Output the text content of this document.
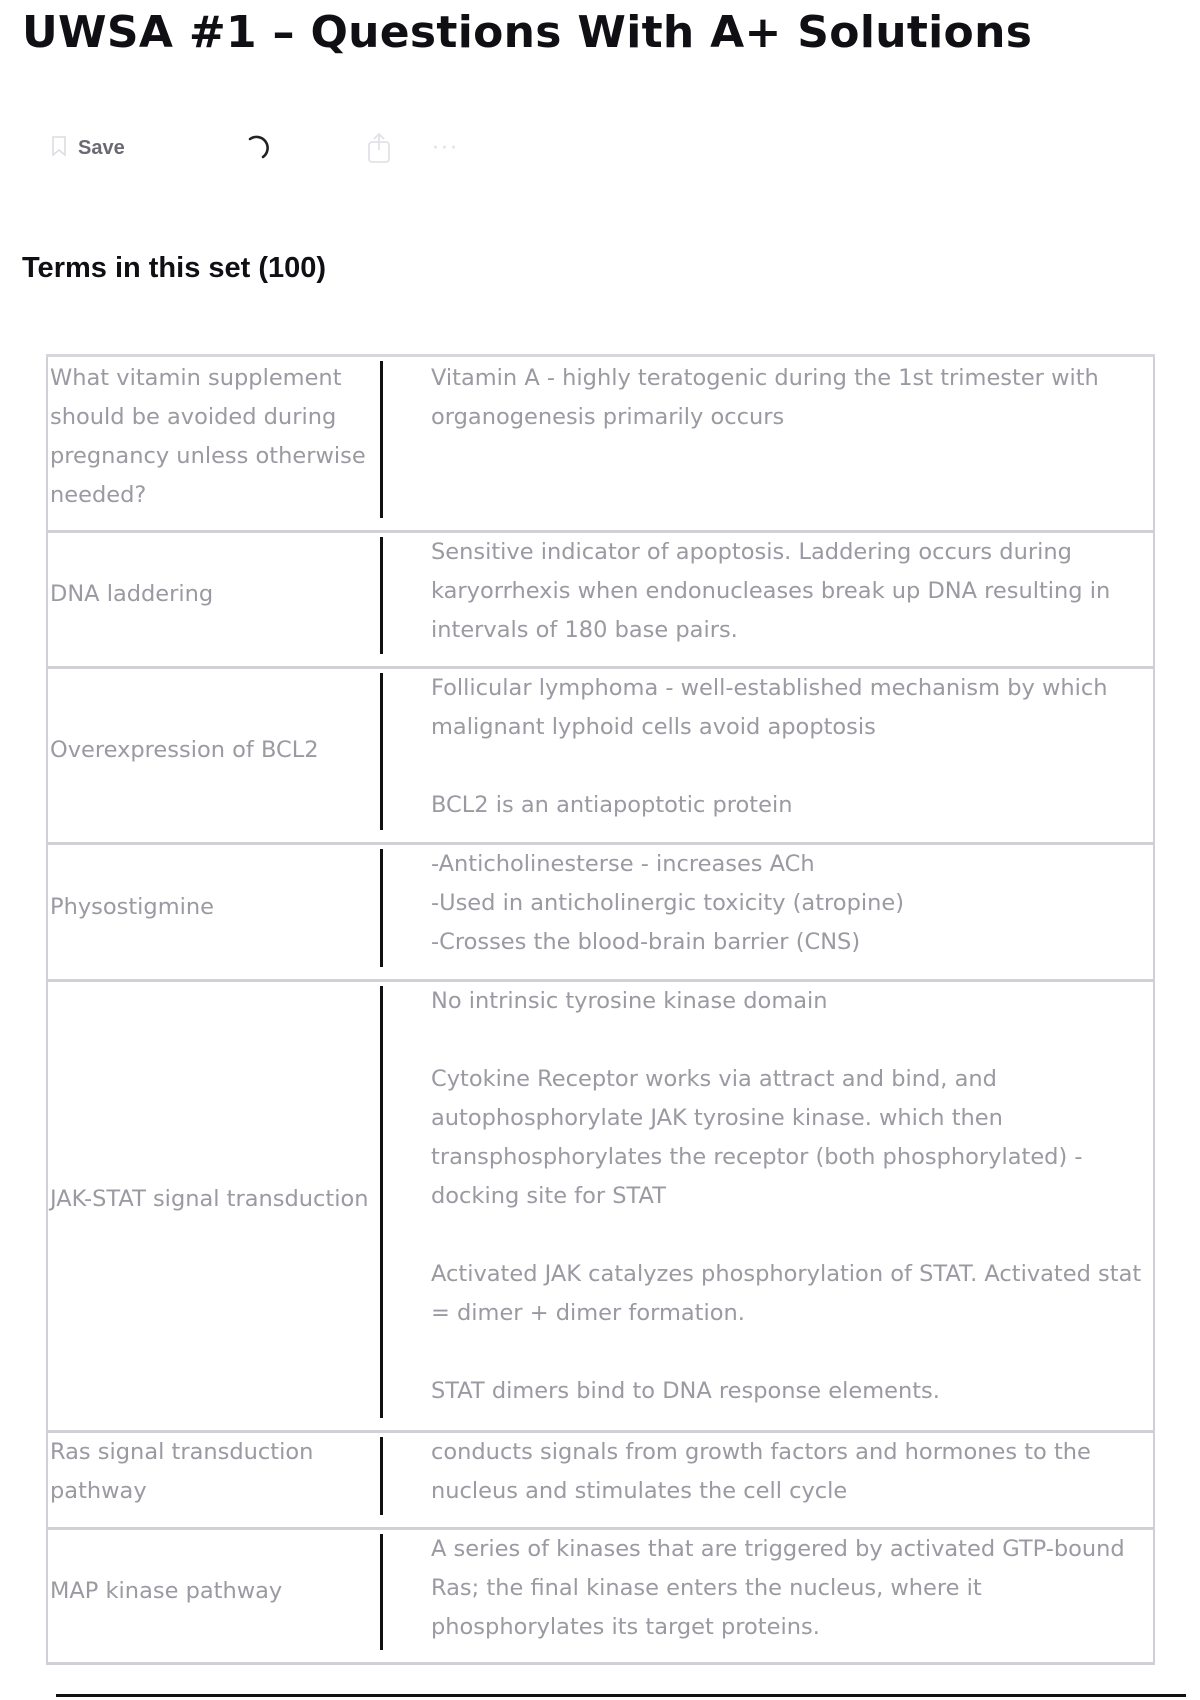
UWSA #1 – Questions With A+ Solutions
Save	···
Terms in this set (100)
What vitamin supplement should be avoided during pregnancy unless otherwise needed?

Vitamin A - highly teratogenic during the 1st trimester with organogenesis primarily occurs

DNA laddering

Sensitive indicator of apoptosis. Laddering occurs during karyorrhexis when endonucleases break up DNA resulting in intervals of 180 base pairs.

Overexpression of BCL2

Follicular lymphoma - well-established mechanism by which malignant lyphoid cells avoid apoptosis

BCL2 is an antiapoptotic protein

Physostigmine

-Anticholinesterse - increases ACh

-Used in anticholinergic toxicity (atropine)

-Crosses the blood-brain barrier (CNS)

JAK-STAT signal transduction

No intrinsic tyrosine kinase domain

Cytokine Receptor works via attract and bind, and autophosphorylate JAK tyrosine kinase. which then transphosphorylates the receptor (both phosphorylated) - docking site for STAT

Activated JAK catalyzes phosphorylation of STAT. Activated stat = dimer + dimer formation.

STAT dimers bind to DNA response elements.

Ras signal transduction pathway

conducts signals from growth factors and hormones to the nucleus and stimulates the cell cycle

MAP kinase pathway

A series of kinases that are triggered by activated GTP-bound Ras; the final kinase enters the nucleus, where it phosphorylates its target proteins.
